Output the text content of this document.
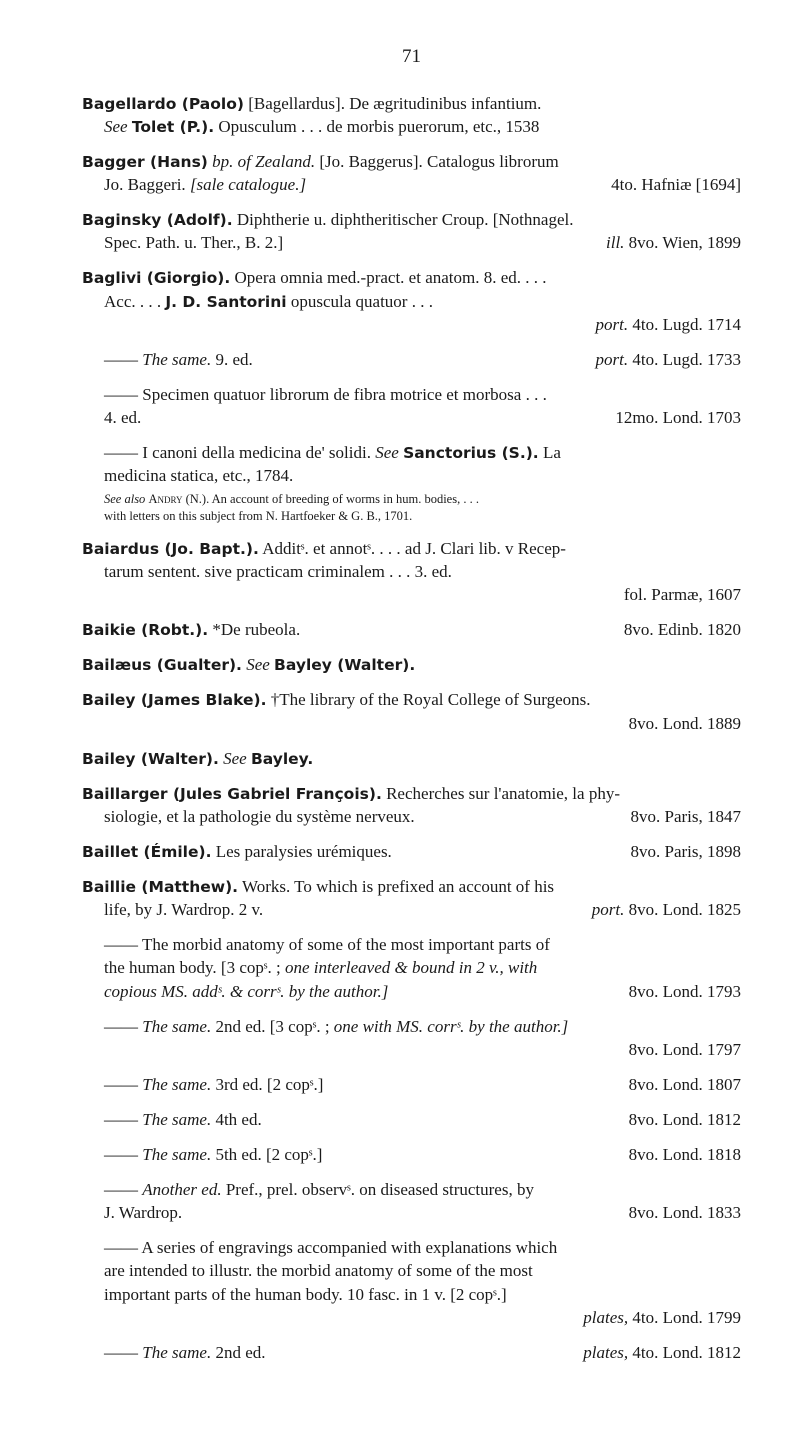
71
Bagellardo (Paolo) [Bagellardus]. De ægritudinibus infantium.
See Tolet (P.). Opusculum . . . de morbis puerorum, etc., 1538
Bagger (Hans) bp. of Zealand. [Jo. Baggerus]. Catalogus librorum
Jo. Baggeri. [sale catalogue.]	4to. Hafniæ [1694]
Baginsky (Adolf). Diphtherie u. diphtheritischer Croup. [Nothnagel.
Spec. Path. u. Ther., B. 2.]	ill. 8vo. Wien, 1899
Baglivi (Giorgio). Opera omnia med.-pract. et anatom. 8. ed. . . .
Acc. . . . J. D. Santorini opuscula quatuor . . .
port. 4to. Lugd. 1714
—— The same. 9. ed.	port. 4to. Lugd. 1733
—— Specimen quatuor librorum de fibra motrice et morbosa . . .
4. ed.	12mo. Lond. 1703
—— I canoni della medicina de' solidi. See Sanctorius (S.). La
medicina statica, etc., 1784.
See also Andry (N.). An account of breeding of worms in hum. bodies, . . .
with letters on this subject from N. Hartfoeker & G. B., 1701.
Baiardus (Jo. Bapt.). Additˢ. et annotˢ. . . . ad J. Clari lib. v Recep-
tarum sentent. sive practicam criminalem . . . 3. ed.
fol. Parmæ, 1607
Baikie (Robt.). *De rubeola.	8vo. Edinb. 1820
Bailæus (Gualter). See Bayley (Walter).
Bailey (James Blake). †The library of the Royal College of Surgeons.
8vo. Lond. 1889
Bailey (Walter). See Bayley.
Baillarger (Jules Gabriel François). Recherches sur l'anatomie, la phy-
siologie, et la pathologie du système nerveux.	8vo. Paris, 1847
Baillet (Émile). Les paralysies urémiques.	8vo. Paris, 1898
Baillie (Matthew). Works. To which is prefixed an account of his
life, by J. Wardrop. 2 v.	port. 8vo. Lond. 1825
—— The morbid anatomy of some of the most important parts of
the human body. [3 copˢ. ; one interleaved & bound in 2 v., with
copious MS. addˢ. & corrˢ. by the author.]	8vo. Lond. 1793
—— The same. 2nd ed. [3 copˢ. ; one with MS. corrˢ. by the author.]
8vo. Lond. 1797
—— The same. 3rd ed. [2 copˢ.]	8vo. Lond. 1807
—— The same. 4th ed.	8vo. Lond. 1812
—— The same. 5th ed. [2 copˢ.]	8vo. Lond. 1818
—— Another ed. Pref., prel. observˢ. on diseased structures, by
J. Wardrop.	8vo. Lond. 1833
—— A series of engravings accompanied with explanations which
are intended to illustr. the morbid anatomy of some of the most
important parts of the human body. 10 fasc. in 1 v. [2 copˢ.]
plates, 4to. Lond. 1799
—— The same. 2nd ed.	plates, 4to. Lond. 1812
